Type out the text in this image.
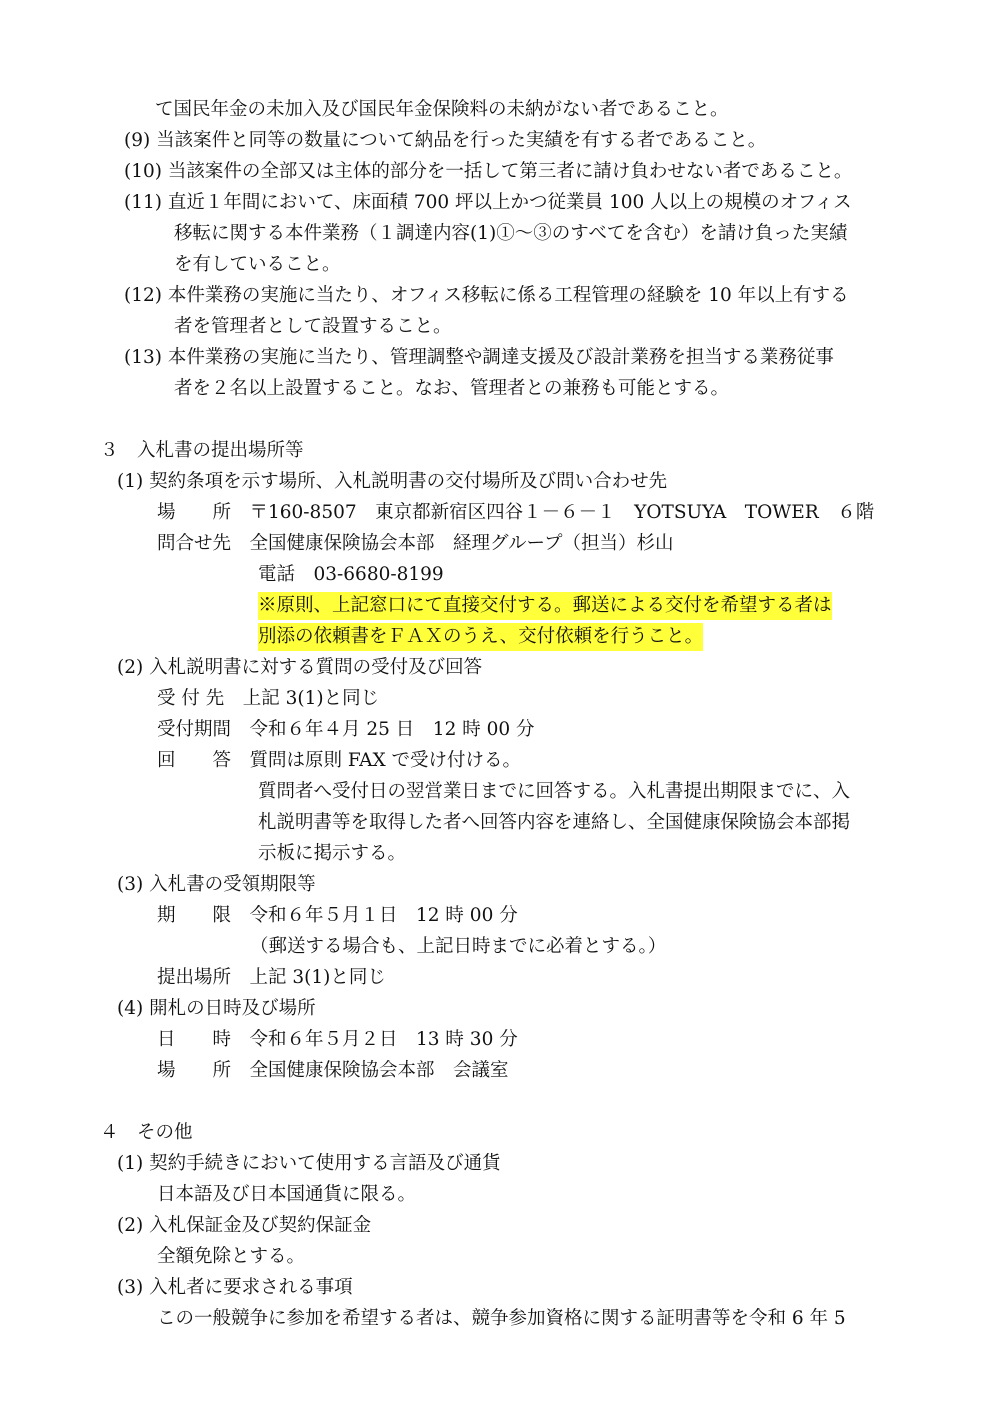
て国民年金の未加入及び国民年金保険料の未納がない者であること。
(9) 当該案件と同等の数量について納品を行った実績を有する者であること。
(10) 当該案件の全部又は主体的部分を一括して第三者に請け負わせない者であること。
(11) 直近１年間において、床面積 700 坪以上かつ従業員 100 人以上の規模のオフィス
移転に関する本件業務（１調達内容(1)①～③のすべてを含む）を請け負った実績
を有していること。
(12) 本件業務の実施に当たり、オフィス移転に係る工程管理の経験を 10 年以上有する
者を管理者として設置すること。
(13) 本件業務の実施に当たり、管理調整や調達支援及び設計業務を担当する業務従事
者を２名以上設置すること。なお、管理者との兼務も可能とする。
３　入札書の提出場所等
(1) 契約条項を示す場所、入札説明書の交付場所及び問い合わせ先
場　　所　〒160-8507　東京都新宿区四谷１－６－１　YOTSUYA　TOWER　６階
問合せ先　全国健康保険協会本部　経理グループ（担当）杉山
電話　03-6680-8199
※原則、上記窓口にて直接交付する。郵送による交付を希望する者は
別添の依頼書をＦＡＸのうえ、交付依頼を行うこと。
(2) 入札説明書に対する質問の受付及び回答
受 付 先　上記 3(1)と同じ
受付期間　令和６年４月 25 日　12 時 00 分
回　　答　質問は原則 FAX で受け付ける。
質問者へ受付日の翌営業日までに回答する。入札書提出期限までに、入
札説明書等を取得した者へ回答内容を連絡し、全国健康保険協会本部掲
示板に掲示する。
(3) 入札書の受領期限等
期　　限　令和６年５月１日　12 時 00 分
（郵送する場合も、上記日時までに必着とする。）
提出場所　上記 3(1)と同じ
(4) 開札の日時及び場所
日　　時　令和６年５月２日　13 時 30 分
場　　所　全国健康保険協会本部　会議室
４　その他
(1) 契約手続きにおいて使用する言語及び通貨
日本語及び日本国通貨に限る。
(2) 入札保証金及び契約保証金
全額免除とする。
(3) 入札者に要求される事項
この一般競争に参加を希望する者は、競争参加資格に関する証明書等を令和 6 年 5
